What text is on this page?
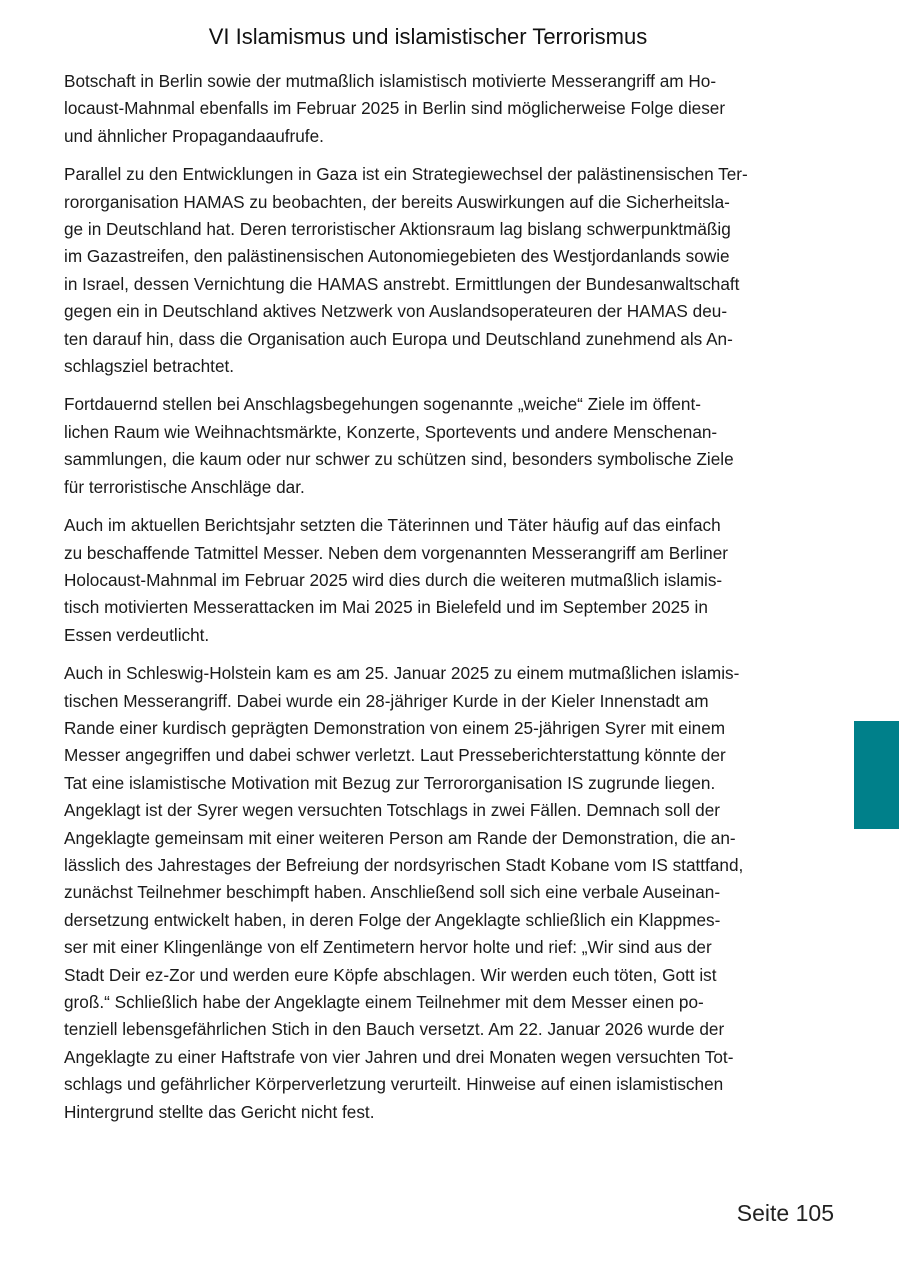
VI Islamismus und islamistischer Terrorismus

Botschaft in Berlin sowie der mutmaßlich islamistisch motivierte Messerangriff am Ho-
locaust-Mahnmal ebenfalls im Februar 2025 in Berlin sind möglicherweise Folge dieser
und ähnlicher Propagandaaufrufe.

Parallel zu den Entwicklungen in Gaza ist ein Strategiewechsel der palästinensischen Ter-
rororganisation HAMAS zu beobachten, der bereits Auswirkungen auf die Sicherheitsla-
ge in Deutschland hat. Deren terroristischer Aktionsraum lag bislang schwerpunktmäßig
im Gazastreifen, den palästinensischen Autonomiegebieten des Westjordanlands sowie
in Israel, dessen Vernichtung die HAMAS anstrebt. Ermittlungen der Bundesanwaltschaft
gegen ein in Deutschland aktives Netzwerk von Auslandsoperateuren der HAMAS deu-
ten darauf hin, dass die Organisation auch Europa und Deutschland zunehmend als An-
schlagsziel betrachtet.

Fortdauernd stellen bei Anschlagsbegehungen sogenannte „weiche“ Ziele im öffent-
lichen Raum wie Weihnachtsmärkte, Konzerte, Sportevents und andere Menschenan-
sammlungen, die kaum oder nur schwer zu schützen sind, besonders symbolische Ziele
für terroristische Anschläge dar.

Auch im aktuellen Berichtsjahr setzten die Täterinnen und Täter häufig auf das einfach
zu beschaffende Tatmittel Messer. Neben dem vorgenannten Messerangriff am Berliner
Holocaust-Mahnmal im Februar 2025 wird dies durch die weiteren mutmaßlich islamis-
tisch motivierten Messerattacken im Mai 2025 in Bielefeld und im September 2025 in
Essen verdeutlicht.

Auch in Schleswig-Holstein kam es am 25. Januar 2025 zu einem mutmaßlichen islamis-
tischen Messerangriff. Dabei wurde ein 28-jähriger Kurde in der Kieler Innenstadt am
Rande einer kurdisch geprägten Demonstration von einem 25-jährigen Syrer mit einem
Messer angegriffen und dabei schwer verletzt. Laut Presseberichterstattung könnte der
Tat eine islamistische Motivation mit Bezug zur Terrororganisation IS zugrunde liegen.
Angeklagt ist der Syrer wegen versuchten Totschlags in zwei Fällen. Demnach soll der
Angeklagte gemeinsam mit einer weiteren Person am Rande der Demonstration, die an-
lässlich des Jahrestages der Befreiung der nordsyrischen Stadt Kobane vom IS stattfand,
zunächst Teilnehmer beschimpft haben. Anschließend soll sich eine verbale Auseinan-
dersetzung entwickelt haben, in deren Folge der Angeklagte schließlich ein Klappmes-
ser mit einer Klingenlänge von elf Zentimetern hervor holte und rief: „Wir sind aus der
Stadt Deir ez-Zor und werden eure Köpfe abschlagen. Wir werden euch töten, Gott ist
groß.“ Schließlich habe der Angeklagte einem Teilnehmer mit dem Messer einen po-
tenziell lebensgefährlichen Stich in den Bauch versetzt. Am 22. Januar 2026 wurde der
Angeklagte zu einer Haftstrafe von vier Jahren und drei Monaten wegen versuchten Tot-
schlags und gefährlicher Körperverletzung verurteilt. Hinweise auf einen islamistischen
Hintergrund stellte das Gericht nicht fest.

Seite 105
